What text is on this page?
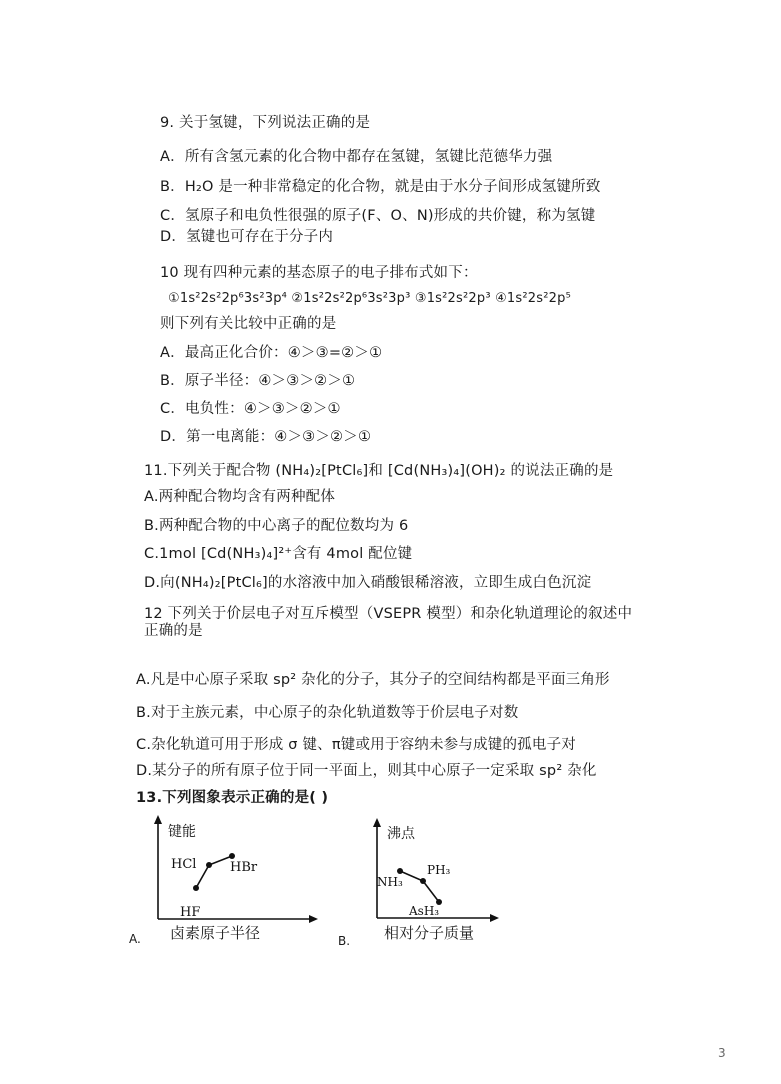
9. 关于氢键，下列说法正确的是
A．所有含氢元素的化合物中都存在氢键，氢键比范德华力强
B．H₂O 是一种非常稳定的化合物，就是由于水分子间形成氢键所致
C．氢原子和电负性很强的原子(F、O、N)形成的共价键，称为氢键
D．氢键也可存在于分子内
10 现有四种元素的基态原子的电子排布式如下：
①1s²2s²2p⁶3s²3p⁴ ②1s²2s²2p⁶3s²3p³ ③1s²2s²2p³ ④1s²2s²2p⁵
则下列有关比较中正确的是
A．最高正化合价：④＞③=②＞①
B．原子半径：④＞③＞②＞①
C．电负性：④＞③＞②＞①
D．第一电离能：④＞③＞②＞①
11.下列关于配合物 (NH₄)₂[PtCl₆]和 [Cd(NH₃)₄](OH)₂ 的说法正确的是
A.两种配合物均含有两种配体
B.两种配合物的中心离子的配位数均为 6
C.1mol [Cd(NH₃)₄]²⁺含有 4mol 配位键
D.向(NH₄)₂[PtCl₆]的水溶液中加入硝酸银稀溶液，立即生成白色沉淀
12 下列关于价层电子对互斥模型（VSEPR 模型）和杂化轨道理论的叙述中
正确的是
A.凡是中心原子采取 sp² 杂化的分子，其分子的空间结构都是平面三角形
B.对于主族元素，中心原子的杂化轨道数等于价层电子对数
C.杂化轨道可用于形成 σ 键、π键或用于容纳未参与成键的孤电子对
D.某分子的所有原子位于同一平面上，则其中心原子一定采取 sp² 杂化
13.下列图象表示正确的是( )
键能
HF
HCl	HBr
卤素原子半径
A.
沸点
NH₃
PH₃
AsH₃
相对分子质量
B.
3
